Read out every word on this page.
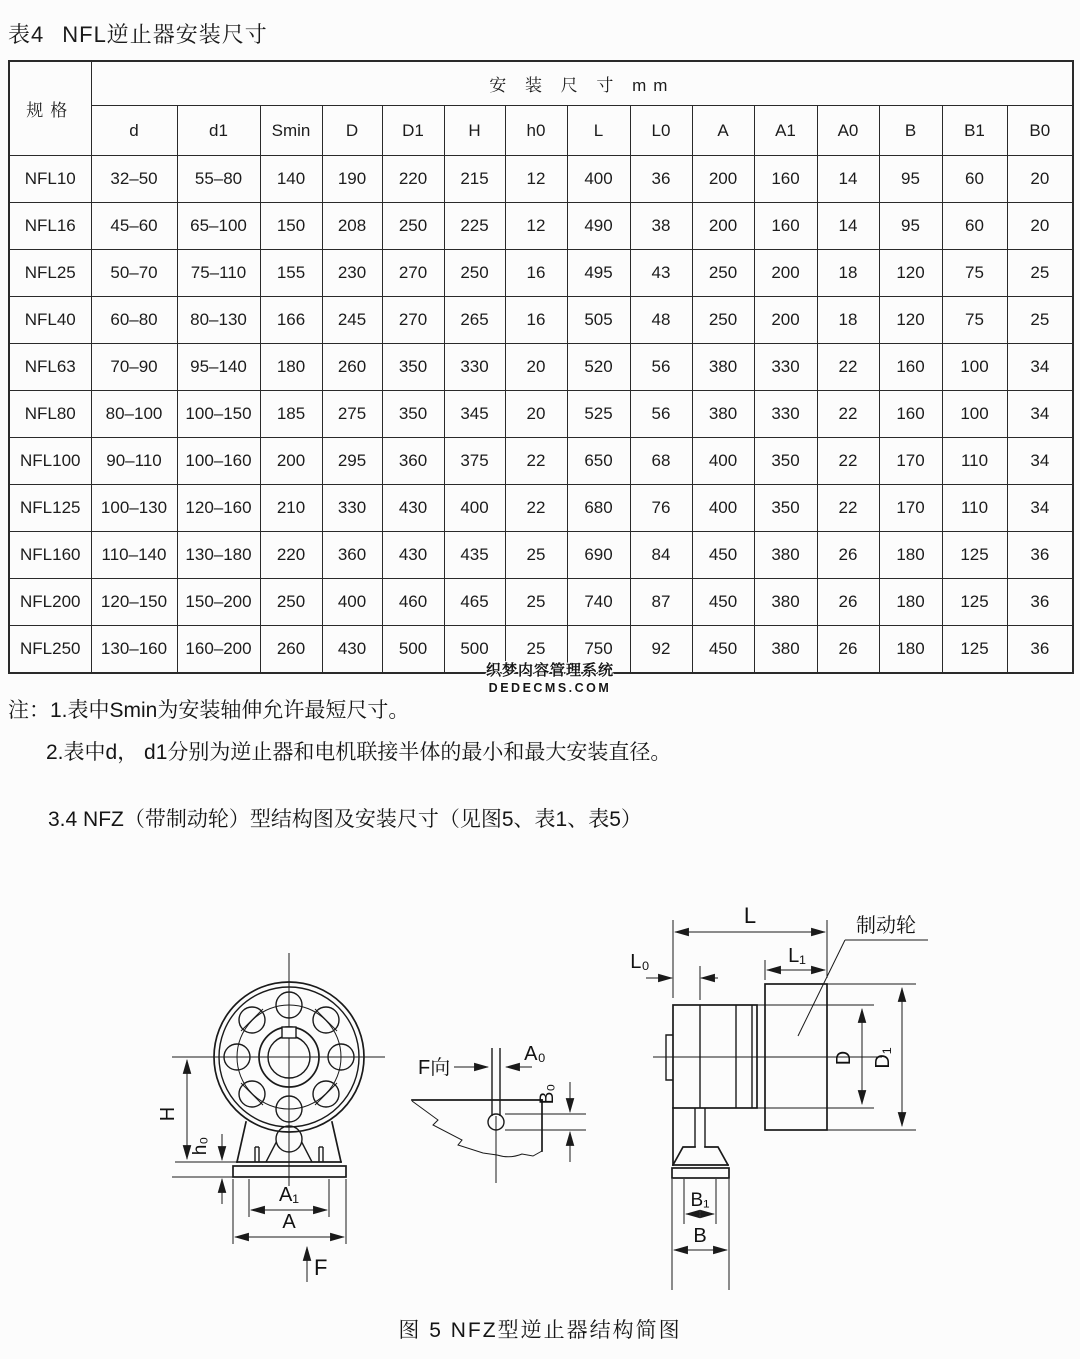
表4 NFL逆止器安装尺寸
规格	安 装 尺 寸 mm														
	d	d1	Smin	D	D1	H	h0	L	L0	A	A1	A0	B	B1	B0
NFL10	32–50	55–80	140	190	220	215	12	400	36	200	160	14	95	60	20
NFL16	45–60	65–100	150	208	250	225	12	490	38	200	160	14	95	60	20
NFL25	50–70	75–110	155	230	270	250	16	495	43	250	200	18	120	75	25
NFL40	60–80	80–130	166	245	270	265	16	505	48	250	200	18	120	75	25
NFL63	70–90	95–140	180	260	350	330	20	520	56	380	330	22	160	100	34
NFL80	80–100	100–150	185	275	350	345	20	525	56	380	330	22	160	100	34
NFL100	90–110	100–160	200	295	360	375	22	650	68	400	350	22	170	110	34
NFL125	100–130	120–160	210	330	430	400	22	680	76	400	350	22	170	110	34
NFL160	110–140	130–180	220	360	430	435	25	690	84	450	380	26	180	125	36
NFL200	120–150	150–200	250	400	460	465	25	740	87	450	380	26	180	125	36
NFL250	130–160	160–200	260	430	500	500	25	750	92	450	380	26	180	125	36
织梦内容管理系统
DEDECMS.COM
注：1.表中Smin为安装轴伸允许最短尺寸。
2.表中d， d1分别为逆止器和电机联接半体的最小和最大安装直径。
3.4 NFZ（带制动轮）型结构图及安装尺寸（见图5、表1、表5）
H
h₀
A₁
A
F
F向
A₀
B₀
L
L₁
L₀
D D₁
制动轮
B₁
B
图 5 NFZ型逆止器结构简图
